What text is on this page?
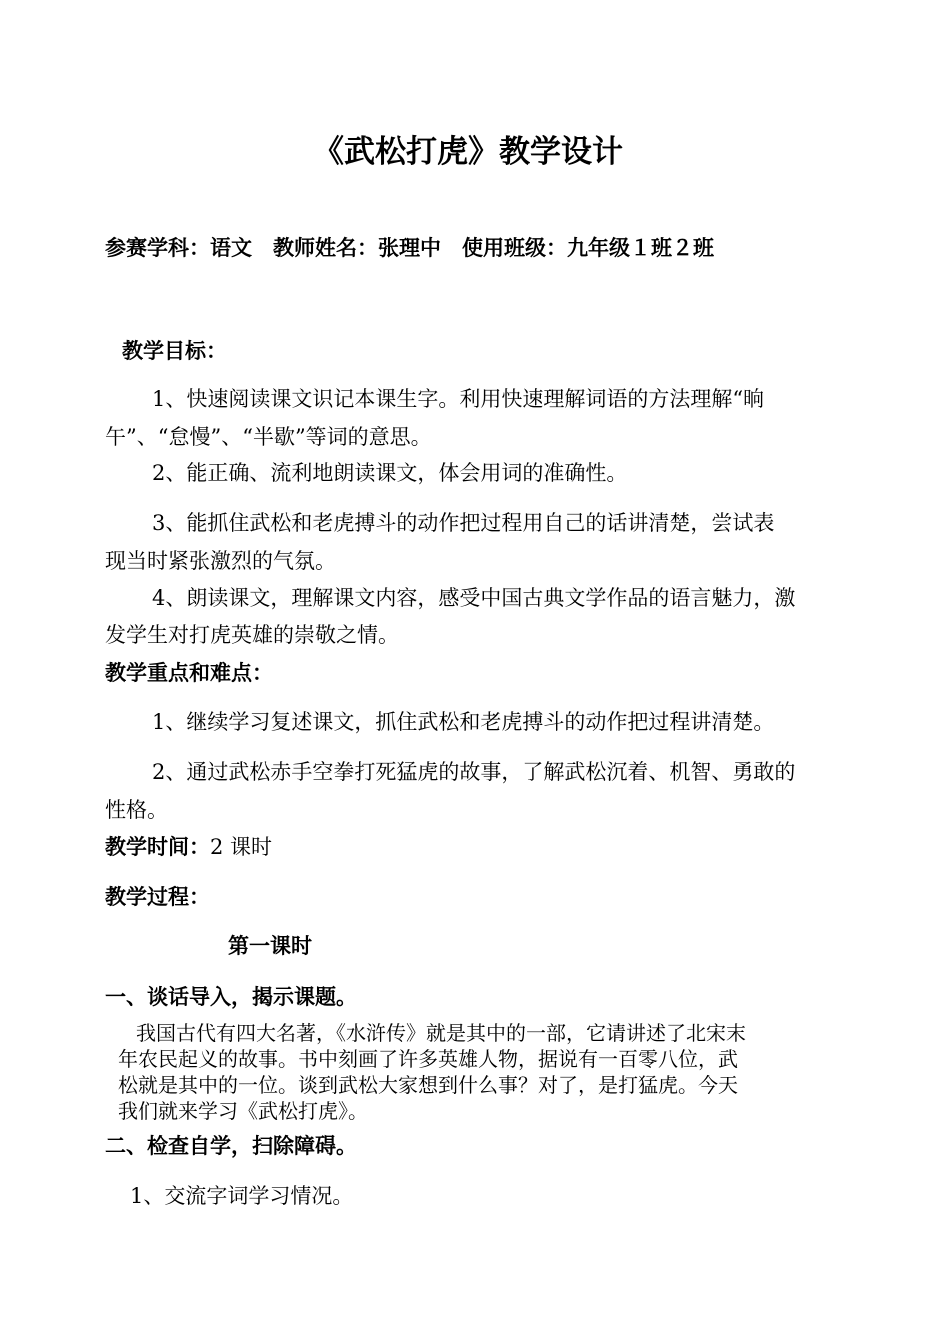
《武松打虎》教学设计
参赛学科：语文　教师姓名：张理中　使用班级：九年级１班２班
教学目标：
1、快速阅读课文识记本课生字。利用快速理解词语的方法理解“晌
午”、“怠慢”、“半歇”等词的意思。
2、能正确、流利地朗读课文，体会用词的准确性。
3、能抓住武松和老虎搏斗的动作把过程用自己的话讲清楚，尝试表
现当时紧张激烈的气氛。
4、朗读课文，理解课文内容，感受中国古典文学作品的语言魅力，激
发学生对打虎英雄的崇敬之情。
教学重点和难点：
1、继续学习复述课文，抓住武松和老虎搏斗的动作把过程讲清楚。
2、通过武松赤手空拳打死猛虎的故事，了解武松沉着、机智、勇敢的
性格。
教学时间：2 课时
教学过程：
第一课时
一、谈话导入，揭示课题。
我国古代有四大名著，《水浒传》就是其中的一部，它请讲述了北宋末
年农民起义的故事。书中刻画了许多英雄人物，据说有一百零八位，武
松就是其中的一位。谈到武松大家想到什么事？对了，是打猛虎。今天
我们就来学习《武松打虎》。
二、检查自学，扫除障碍。
1、交流字词学习情况。
